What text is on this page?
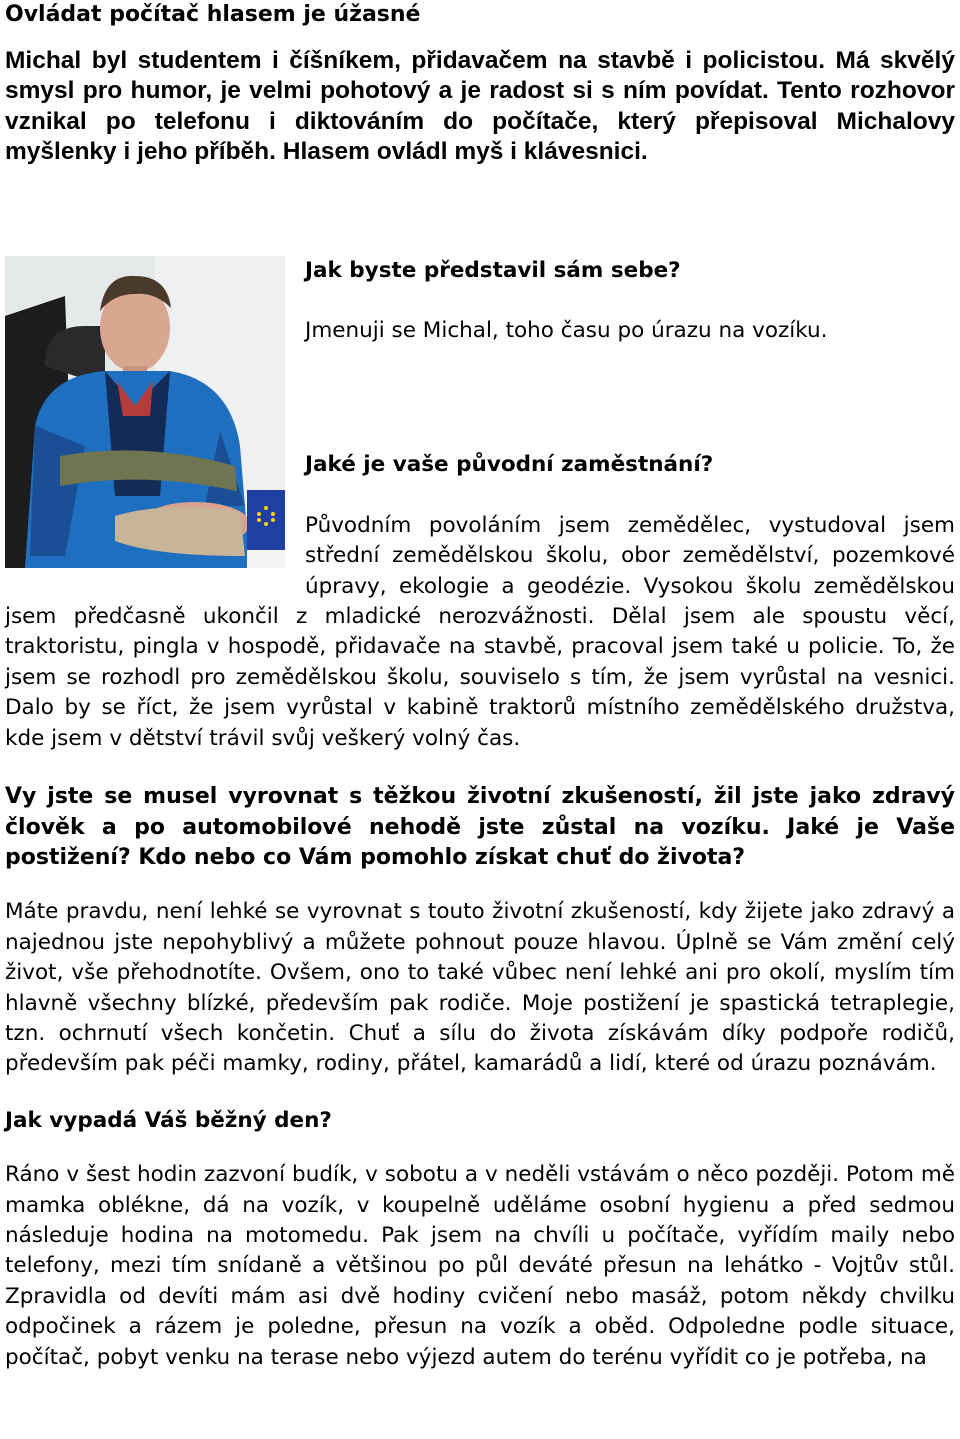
Ovládat počítač hlasem je úžasné

Michal byl studentem i číšníkem, přidavačem na stavbě i policistou. Má skvělý smysl pro humor, je velmi pohotový a je radost si s ním povídat. Tento rozhovor vznikal po telefonu i diktováním do počítače, který přepisoval Michalovy myšlenky i jeho příběh. Hlasem ovládl myš i klávesnici.

Jak byste představil sám sebe?

Jmenuji se Michal, toho času po úrazu na vozíku.

Jaké je vaše původní zaměstnání?

Původním povoláním jsem zemědělec, vystudoval jsem střední zemědělskou školu, obor zemědělství, pozemkové úpravy, ekologie a geodézie. Vysokou školu zemědělskou jsem předčasně ukončil z mladické nerozvážnosti. Dělal jsem ale spoustu věcí, traktoristu, pingla v hospodě, přidavače na stavbě, pracoval jsem také u policie. To, že jsem se rozhodl pro zemědělskou školu, souviselo s tím, že jsem vyrůstal na vesnici. Dalo by se říct, že jsem vyrůstal v kabině traktorů místního zemědělského družstva, kde jsem v dětství trávil svůj veškerý volný čas.

Vy jste se musel vyrovnat s těžkou životní zkušeností, žil jste jako zdravý člověk a po automobilové nehodě jste zůstal na vozíku. Jaké je Vaše postižení? Kdo nebo co Vám pomohlo získat chuť do života?

Máte pravdu, není lehké se vyrovnat s touto životní zkušeností, kdy žijete jako zdravý a najednou jste nepohyblivý a můžete pohnout pouze hlavou. Úplně se Vám změní celý život, vše přehodnotíte. Ovšem, ono to také vůbec není lehké ani pro okolí, myslím tím hlavně všechny blízké, především pak rodiče. Moje postižení je spastická tetraplegie, tzn. ochrnutí všech končetin. Chuť a sílu do života získávám díky podpoře rodičů, především pak péči mamky, rodiny, přátel, kamarádů a lidí, které od úrazu poznávám.

Jak vypadá Váš běžný den?

Ráno v šest hodin zazvoní budík, v sobotu a v neděli vstávám o něco později. Potom mě mamka oblékne, dá na vozík, v koupelně uděláme osobní hygienu a před sedmou následuje hodina na motomedu. Pak jsem na chvíli u počítače, vyřídím maily nebo telefony, mezi tím snídaně a většinou po půl deváté přesun na lehátko - Vojtův stůl. Zpravidla od devíti mám asi dvě hodiny cvičení nebo masáž, potom někdy chvilku odpočinek a rázem je poledne, přesun na vozík a oběd. Odpoledne podle situace, počítač, pobyt venku na terase nebo výjezd autem do terénu vyřídit co je potřeba, na
